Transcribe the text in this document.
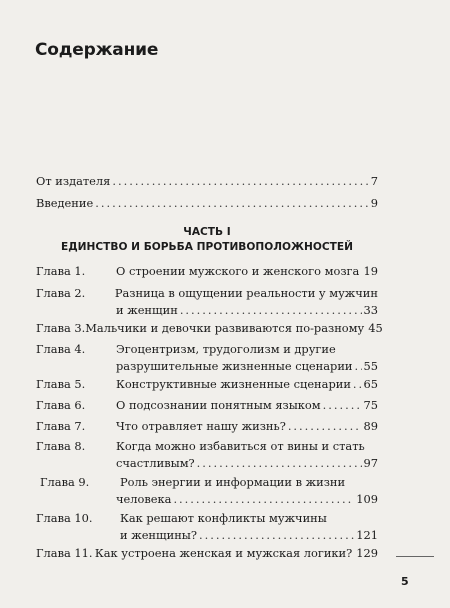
Содержание
От издателя .....	7
Введение .....	9
ЧАСТЬ I
ЕДИНСТВО И БОРЬБА ПРОТИВОПОЛОЖНОСТЕЙ
Глава 1.	О строении мужского и женского мозга ..... 19
Глава 2.	Разница в ощущении реальности у мужчин
и женщин .....	33
Глава 3. Мальчики и девочки развиваются по-разному 45
Глава 4.	Эгоцентризм, трудоголизм и другие
разрушительные жизненные сценарии ..... 55
Глава 5.	Конструктивные жизненные сценарии ..... 65
Глава 6.	О подсознании понятным языком .....	75
Глава 7.	Что отравляет нашу жизнь? .....	89
Глава 8.	Когда можно избавиться от вины и стать
счастливым? .....	97
Глава 9.	Роль энергии и информации в жизни
человека .....	109
Глава 10.	Как решают конфликты мужчины
и женщины? .....	121
Глава 11. Как устроена женская и мужская логики? 129
5
